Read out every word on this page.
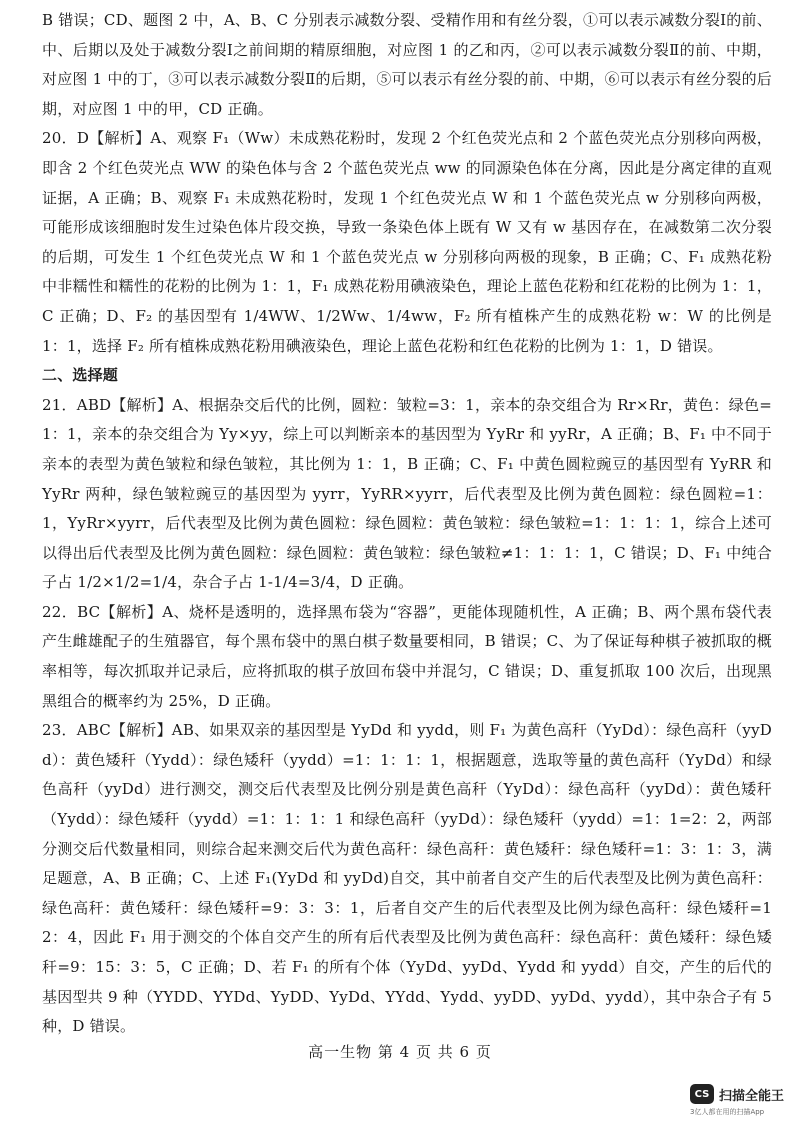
B 错误；CD、题图 2 中，A、B、C 分别表示减数分裂、受精作用和有丝分裂，①可以表示减数分裂Ⅰ的前、中、后期以及处于减数分裂Ⅰ之前间期的精原细胞，对应图 1 的乙和丙，②可以表示减数分裂Ⅱ的前、中期，对应图 1 中的丁，③可以表示减数分裂Ⅱ的后期，⑤可以表示有丝分裂的前、中期，⑥可以表示有丝分裂的后期，对应图 1 中的甲，CD 正确。

20．D【解析】A、观察 F₁（Ww）未成熟花粉时，发现 2 个红色荧光点和 2 个蓝色荧光点分别移向两极，即含 2 个红色荧光点 WW 的染色体与含 2 个蓝色荧光点 ww 的同源染色体在分离，因此是分离定律的直观证据，A 正确；B、观察 F₁ 未成熟花粉时，发现 1 个红色荧光点 W 和 1 个蓝色荧光点 w 分别移向两极，可能形成该细胞时发生过染色体片段交换，导致一条染色体上既有 W 又有 w 基因存在，在减数第二次分裂的后期，可发生 1 个红色荧光点 W 和 1 个蓝色荧光点 w 分别移向两极的现象，B 正确；C、F₁ 成熟花粉中非糯性和糯性的花粉的比例为 1：1，F₁ 成熟花粉用碘液染色，理论上蓝色花粉和红花粉的比例为 1：1，C 正确；D、F₂ 的基因型有 1/4WW、1/2Ww、1/4ww，F₂ 所有植株产生的成熟花粉 w：W 的比例是 1：1，选择 F₂ 所有植株成熟花粉用碘液染色，理论上蓝色花粉和红色花粉的比例为 1：1，D 错误。

二、选择题

21．ABD【解析】A、根据杂交后代的比例，圆粒：皱粒=3：1，亲本的杂交组合为 Rr×Rr，黄色：绿色=1：1，亲本的杂交组合为 Yy×yy，综上可以判断亲本的基因型为 YyRr 和 yyRr，A 正确；B、F₁ 中不同于亲本的表型为黄色皱粒和绿色皱粒，其比例为 1：1，B 正确；C、F₁ 中黄色圆粒豌豆的基因型有 YyRR 和 YyRr 两种，绿色皱粒豌豆的基因型为 yyrr，YyRR×yyrr，后代表型及比例为黄色圆粒：绿色圆粒=1：1，YyRr×yyrr，后代表型及比例为黄色圆粒：绿色圆粒：黄色皱粒：绿色皱粒=1：1：1：1，综合上述可以得出后代表型及比例为黄色圆粒：绿色圆粒：黄色皱粒：绿色皱粒≠1：1：1：1，C 错误；D、F₁ 中纯合子占 1/2×1/2=1/4，杂合子占 1-1/4=3/4，D 正确。

22．BC【解析】A、烧杯是透明的，选择黑布袋为“容器”，更能体现随机性，A 正确；B、两个黑布袋代表产生雌雄配子的生殖器官，每个黑布袋中的黑白棋子数量要相同，B 错误；C、为了保证每种棋子被抓取的概率相等，每次抓取并记录后，应将抓取的棋子放回布袋中并混匀，C 错误；D、重复抓取 100 次后，出现黑黑组合的概率约为 25%，D 正确。

23．ABC【解析】AB、如果双亲的基因型是 YyDd 和 yydd，则 F₁ 为黄色高秆（YyDd）：绿色高秆（yyDd）：黄色矮秆（Yydd）：绿色矮秆（yydd）=1：1：1：1，根据题意，选取等量的黄色高秆（YyDd）和绿色高秆（yyDd）进行测交，测交后代表型及比例分别是黄色高秆（YyDd）：绿色高秆（yyDd）：黄色矮秆（Yydd）：绿色矮秆（yydd）=1：1：1：1 和绿色高秆（yyDd）：绿色矮秆（yydd）=1：1=2：2，两部分测交后代数量相同，则综合起来测交后代为黄色高秆：绿色高秆：黄色矮秆：绿色矮秆=1：3：1：3，满足题意，A、B 正确；C、上述 F₁(YyDd 和 yyDd)自交，其中前者自交产生的后代表型及比例为黄色高秆：绿色高秆：黄色矮秆：绿色矮秆=9：3：3：1，后者自交产生的后代表型及比例为绿色高秆：绿色矮秆=12：4，因此 F₁ 用于测交的个体自交产生的所有后代表型及比例为黄色高秆：绿色高秆：黄色矮秆：绿色矮秆=9：15：3：5，C 正确；D、若 F₁ 的所有个体（YyDd、yyDd、Yydd 和 yydd）自交，产生的后代的基因型共 9 种（YYDD、YYDd、YyDD、YyDd、YYdd、Yydd、yyDD、yyDd、yydd），其中杂合子有 5 种，D 错误。

高一生物 第 4 页 共 6 页
CS 扫描全能王
3亿人都在用的扫描App
